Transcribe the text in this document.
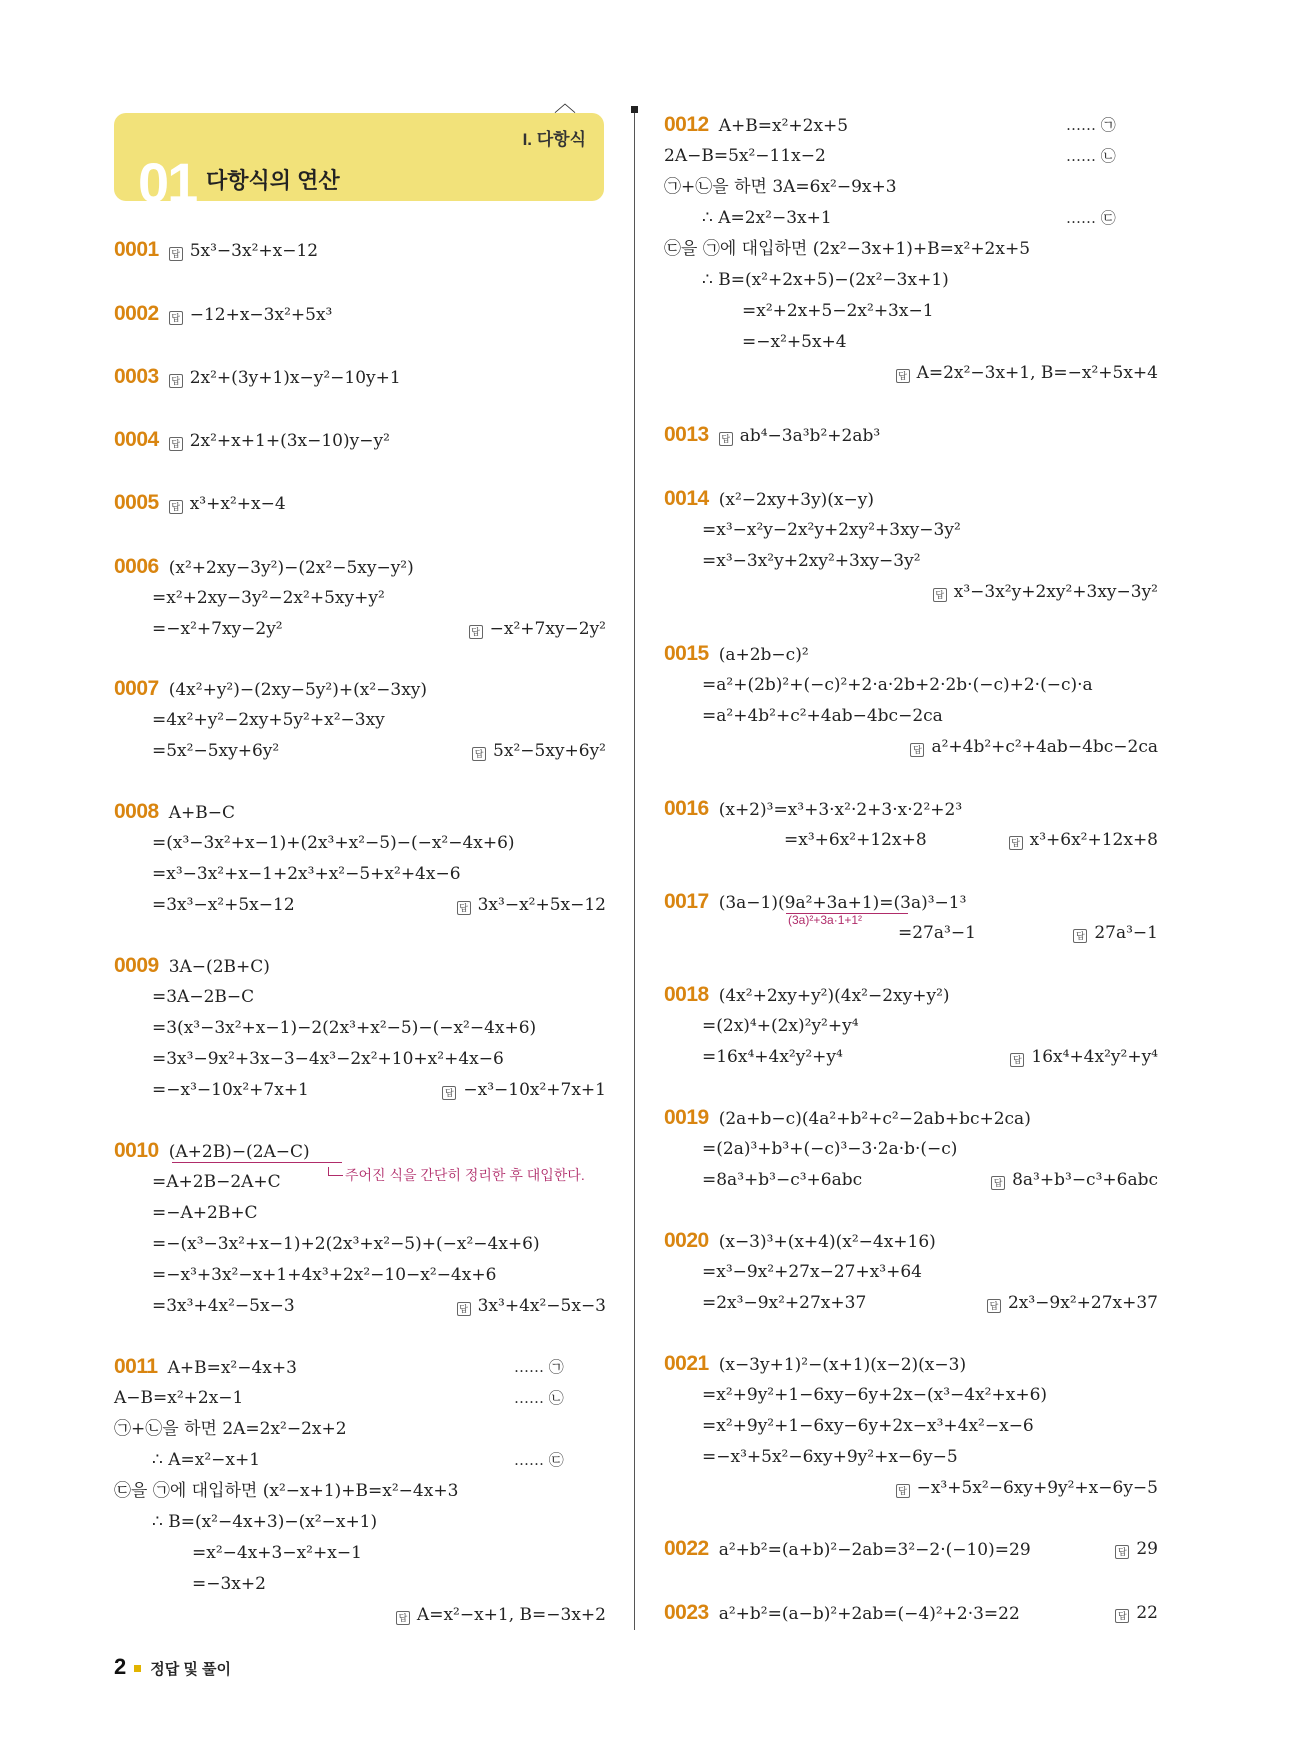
I. 다항식
01 다항식의 연산
︿
0001 답 5x³−3x²+x−12
0002 답 −12+x−3x²+5x³
0003 답 2x²+(3y+1)x−y²−10y+1
0004 답 2x²+x+1+(3x−10)y−y²
0005 답 x³+x²+x−4
0006 (x²+2xy−3y²)−(2x²−5xy−y²)
=x²+2xy−3y²−2x²+5xy+y²
=−x²+7xy−2y²	답 −x²+7xy−2y²
0007 (4x²+y²)−(2xy−5y²)+(x²−3xy)
=4x²+y²−2xy+5y²+x²−3xy
=5x²−5xy+6y²	답 5x²−5xy+6y²
0008 A+B−C
=(x³−3x²+x−1)+(2x³+x²−5)−(−x²−4x+6)
=x³−3x²+x−1+2x³+x²−5+x²+4x−6
=3x³−x²+5x−12	답 3x³−x²+5x−12
0009 3A−(2B+C)
=3A−2B−C
=3(x³−3x²+x−1)−2(2x³+x²−5)−(−x²−4x+6)
=3x³−9x²+3x−3−4x³−2x²+10+x²+4x−6
=−x³−10x²+7x+1	답 −x³−10x²+7x+1
0010 (A+2B)−(2A−C)
주어진 식을 간단히 정리한 후 대입한다.
=A+2B−2A+C
=−A+2B+C
=−(x³−3x²+x−1)+2(2x³+x²−5)+(−x²−4x+6)
=−x³+3x²−x+1+4x³+2x²−10−x²−4x+6
=3x³+4x²−5x−3	답 3x³+4x²−5x−3
0011 A+B=x²−4x+3	…… ㉠
A−B=x²+2x−1	…… ㉡
㉠+㉡을 하면 2A=2x²−2x+2
∴ A=x²−x+1	…… ㉢
㉢을 ㉠에 대입하면 (x²−x+1)+B=x²−4x+3
∴ B=(x²−4x+3)−(x²−x+1)
=x²−4x+3−x²+x−1
=−3x+2
답 A=x²−x+1, B=−3x+2
0012 A+B=x²+2x+5	…… ㉠
2A−B=5x²−11x−2	…… ㉡
㉠+㉡을 하면 3A=6x²−9x+3
∴ A=2x²−3x+1	…… ㉢
㉢을 ㉠에 대입하면 (2x²−3x+1)+B=x²+2x+5
∴ B=(x²+2x+5)−(2x²−3x+1)
=x²+2x+5−2x²+3x−1
=−x²+5x+4
답 A=2x²−3x+1, B=−x²+5x+4
0013 답 ab⁴−3a³b²+2ab³
0014 (x²−2xy+3y)(x−y)
=x³−x²y−2x²y+2xy²+3xy−3y²
=x³−3x²y+2xy²+3xy−3y²
답 x³−3x²y+2xy²+3xy−3y²
0015 (a+2b−c)²
=a²+(2b)²+(−c)²+2·a·2b+2·2b·(−c)+2·(−c)·a
=a²+4b²+c²+4ab−4bc−2ca
답 a²+4b²+c²+4ab−4bc−2ca
0016 (x+2)³=x³+3·x²·2+3·x·2²+2³
=x³+6x²+12x+8	답 x³+6x²+12x+8
0017 (3a−1)(9a²+3a+1)=(3a)³−1³
(3a)²+3a·1+1²
=27a³−1	답 27a³−1
0018 (4x²+2xy+y²)(4x²−2xy+y²)
=(2x)⁴+(2x)²y²+y⁴
=16x⁴+4x²y²+y⁴	답 16x⁴+4x²y²+y⁴
0019 (2a+b−c)(4a²+b²+c²−2ab+bc+2ca)
=(2a)³+b³+(−c)³−3·2a·b·(−c)
=8a³+b³−c³+6abc	답 8a³+b³−c³+6abc
0020 (x−3)³+(x+4)(x²−4x+16)
=x³−9x²+27x−27+x³+64
=2x³−9x²+27x+37	답 2x³−9x²+27x+37
0021 (x−3y+1)²−(x+1)(x−2)(x−3)
=x²+9y²+1−6xy−6y+2x−(x³−4x²+x+6)
=x²+9y²+1−6xy−6y+2x−x³+4x²−x−6
=−x³+5x²−6xy+9y²+x−6y−5
답 −x³+5x²−6xy+9y²+x−6y−5
0022 a²+b²=(a+b)²−2ab=3²−2·(−10)=29	답 29
0023 a²+b²=(a−b)²+2ab=(−4)²+2·3=22	답 22
2 정답 및 풀이
